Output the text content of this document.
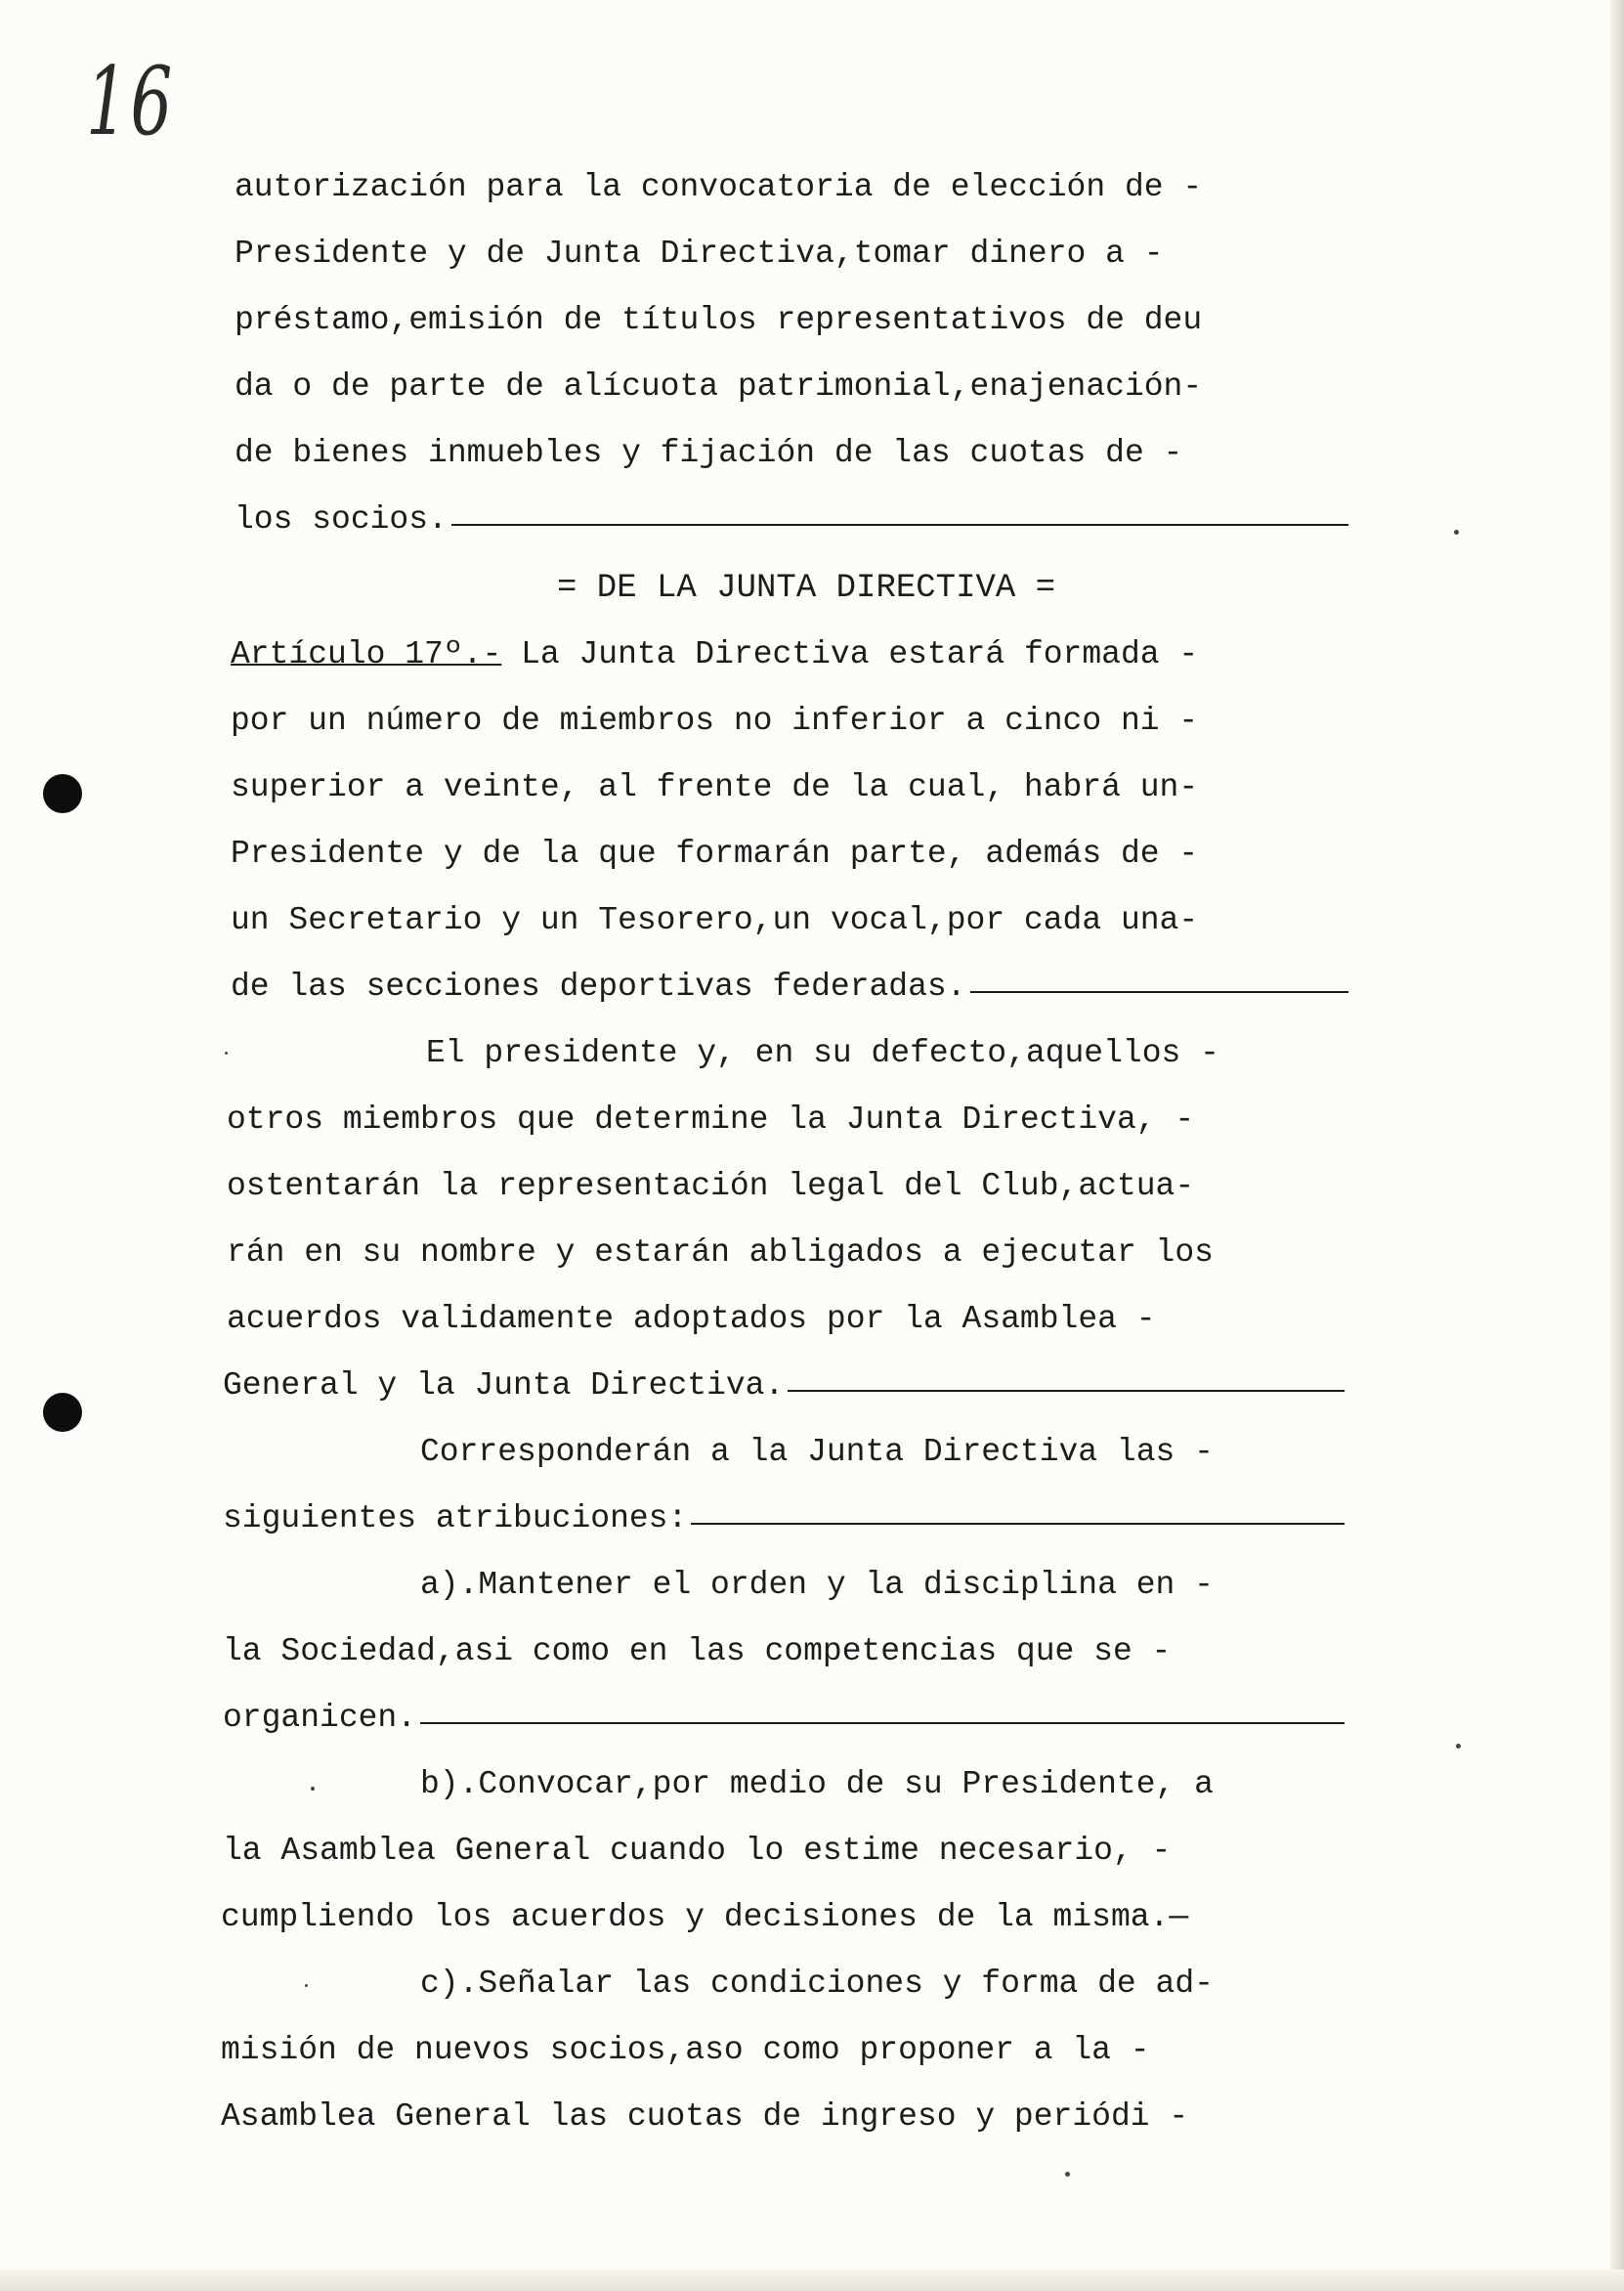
16
autorización para la convocatoria de elección de -
Presidente y de Junta Directiva,tomar dinero a -
préstamo,emisión de títulos representativos de deu
da o de parte de alícuota patrimonial,enajenación-
de bienes inmuebles y fijación de las cuotas de -
los socios.
= DE LA JUNTA DIRECTIVA =
Artículo 17º.-
La Junta Directiva estará formada -
por un número de miembros no inferior a cinco ni -
superior a veinte, al frente de la cual, habrá un-
Presidente y de la que formarán parte, además de -
un Secretario y un Tesorero,un vocal,por cada una-
de las secciones deportivas federadas.
El presidente y, en su defecto,aquellos -
otros miembros que determine la Junta Directiva, -
ostentarán la representación legal del Club,actua-
rán en su nombre y estarán abligados a ejecutar los
acuerdos validamente adoptados por la Asamblea -
General y la Junta Directiva.
Corresponderán a la Junta Directiva las -
siguientes atribuciones:
a).Mantener el orden y la disciplina en -
la Sociedad,asi como en las competencias que se -
organicen.
b).Convocar,por medio de su Presidente, a
la Asamblea General cuando lo estime necesario, -
cumpliendo los acuerdos y decisiones de la misma.—
c).Señalar las condiciones y forma de ad-
misión de nuevos socios,aso como proponer a la -
Asamblea General las cuotas de ingreso y periódi -
